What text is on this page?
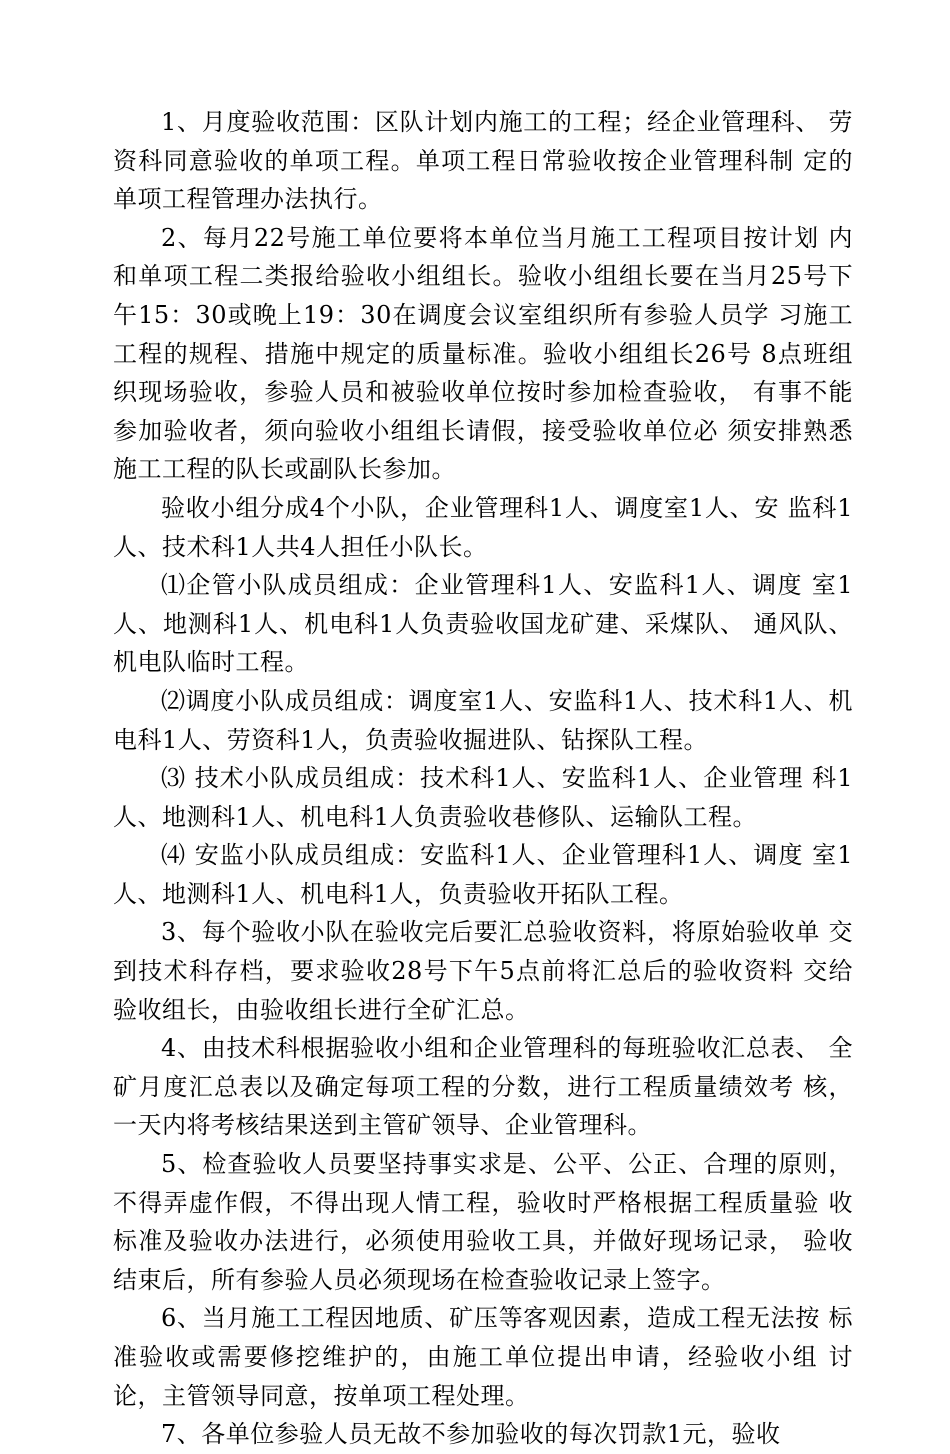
1、月度验收范围：区队计划内施工的工程；经企业管理科、 劳资科同意验收的单项工程。单项工程日常验收按企业管理科制 定的单项工程管理办法执行。

2、每月22号施工单位要将本单位当月施工工程项目按计划 内和单项工程二类报给验收小组组长。验收小组组长要在当月25号下午15：30或晚上19：30在调度会议室组织所有参验人员学 习施工工程的规程、措施中规定的质量标准。验收小组组长26号 8点班组织现场验收，参验人员和被验收单位按时参加检查验收， 有事不能参加验收者，须向验收小组组长请假，接受验收单位必 须安排熟悉施工工程的队长或副队长参加。

验收小组分成4个小队，企业管理科1人、调度室1人、安 监科1人、技术科1人共4人担任小队长。

⑴企管小队成员组成：企业管理科1人、安监科1人、调度 室1人、地测科1人、机电科1人负责验收国龙矿建、采煤队、 通风队、机电队临时工程。

⑵调度小队成员组成：调度室1人、安监科1人、技术科1人、机电科1人、劳资科1人，负责验收掘进队、钻探队工程。

⑶ 技术小队成员组成：技术科1人、安监科1人、企业管理 科1人、地测科1人、机电科1人负责验收巷修队、运输队工程。

⑷ 安监小队成员组成：安监科1人、企业管理科1人、调度 室1人、地测科1人、机电科1人，负责验收开拓队工程。

3、每个验收小队在验收完后要汇总验收资料，将原始验收单 交到技术科存档，要求验收28号下午5点前将汇总后的验收资料 交给验收组长，由验收组长进行全矿汇总。

4、由技术科根据验收小组和企业管理科的每班验收汇总表、 全矿月度汇总表以及确定每项工程的分数，进行工程质量绩效考 核，一天内将考核结果送到主管矿领导、企业管理科。

5、检查验收人员要坚持事实求是、公平、公正、合理的原则，不得弄虚作假，不得出现人情工程，验收时严格根据工程质量验 收标准及验收办法进行，必须使用验收工具，并做好现场记录， 验收结束后，所有参验人员必须现场在检查验收记录上签字。

6、当月施工工程因地质、矿压等客观因素，造成工程无法按 标准验收或需要修挖维护的，由施工单位提出申请，经验收小组 讨论，主管领导同意，按单项工程处理。

7、各单位参验人员无故不参加验收的每次罚款1元，验收
